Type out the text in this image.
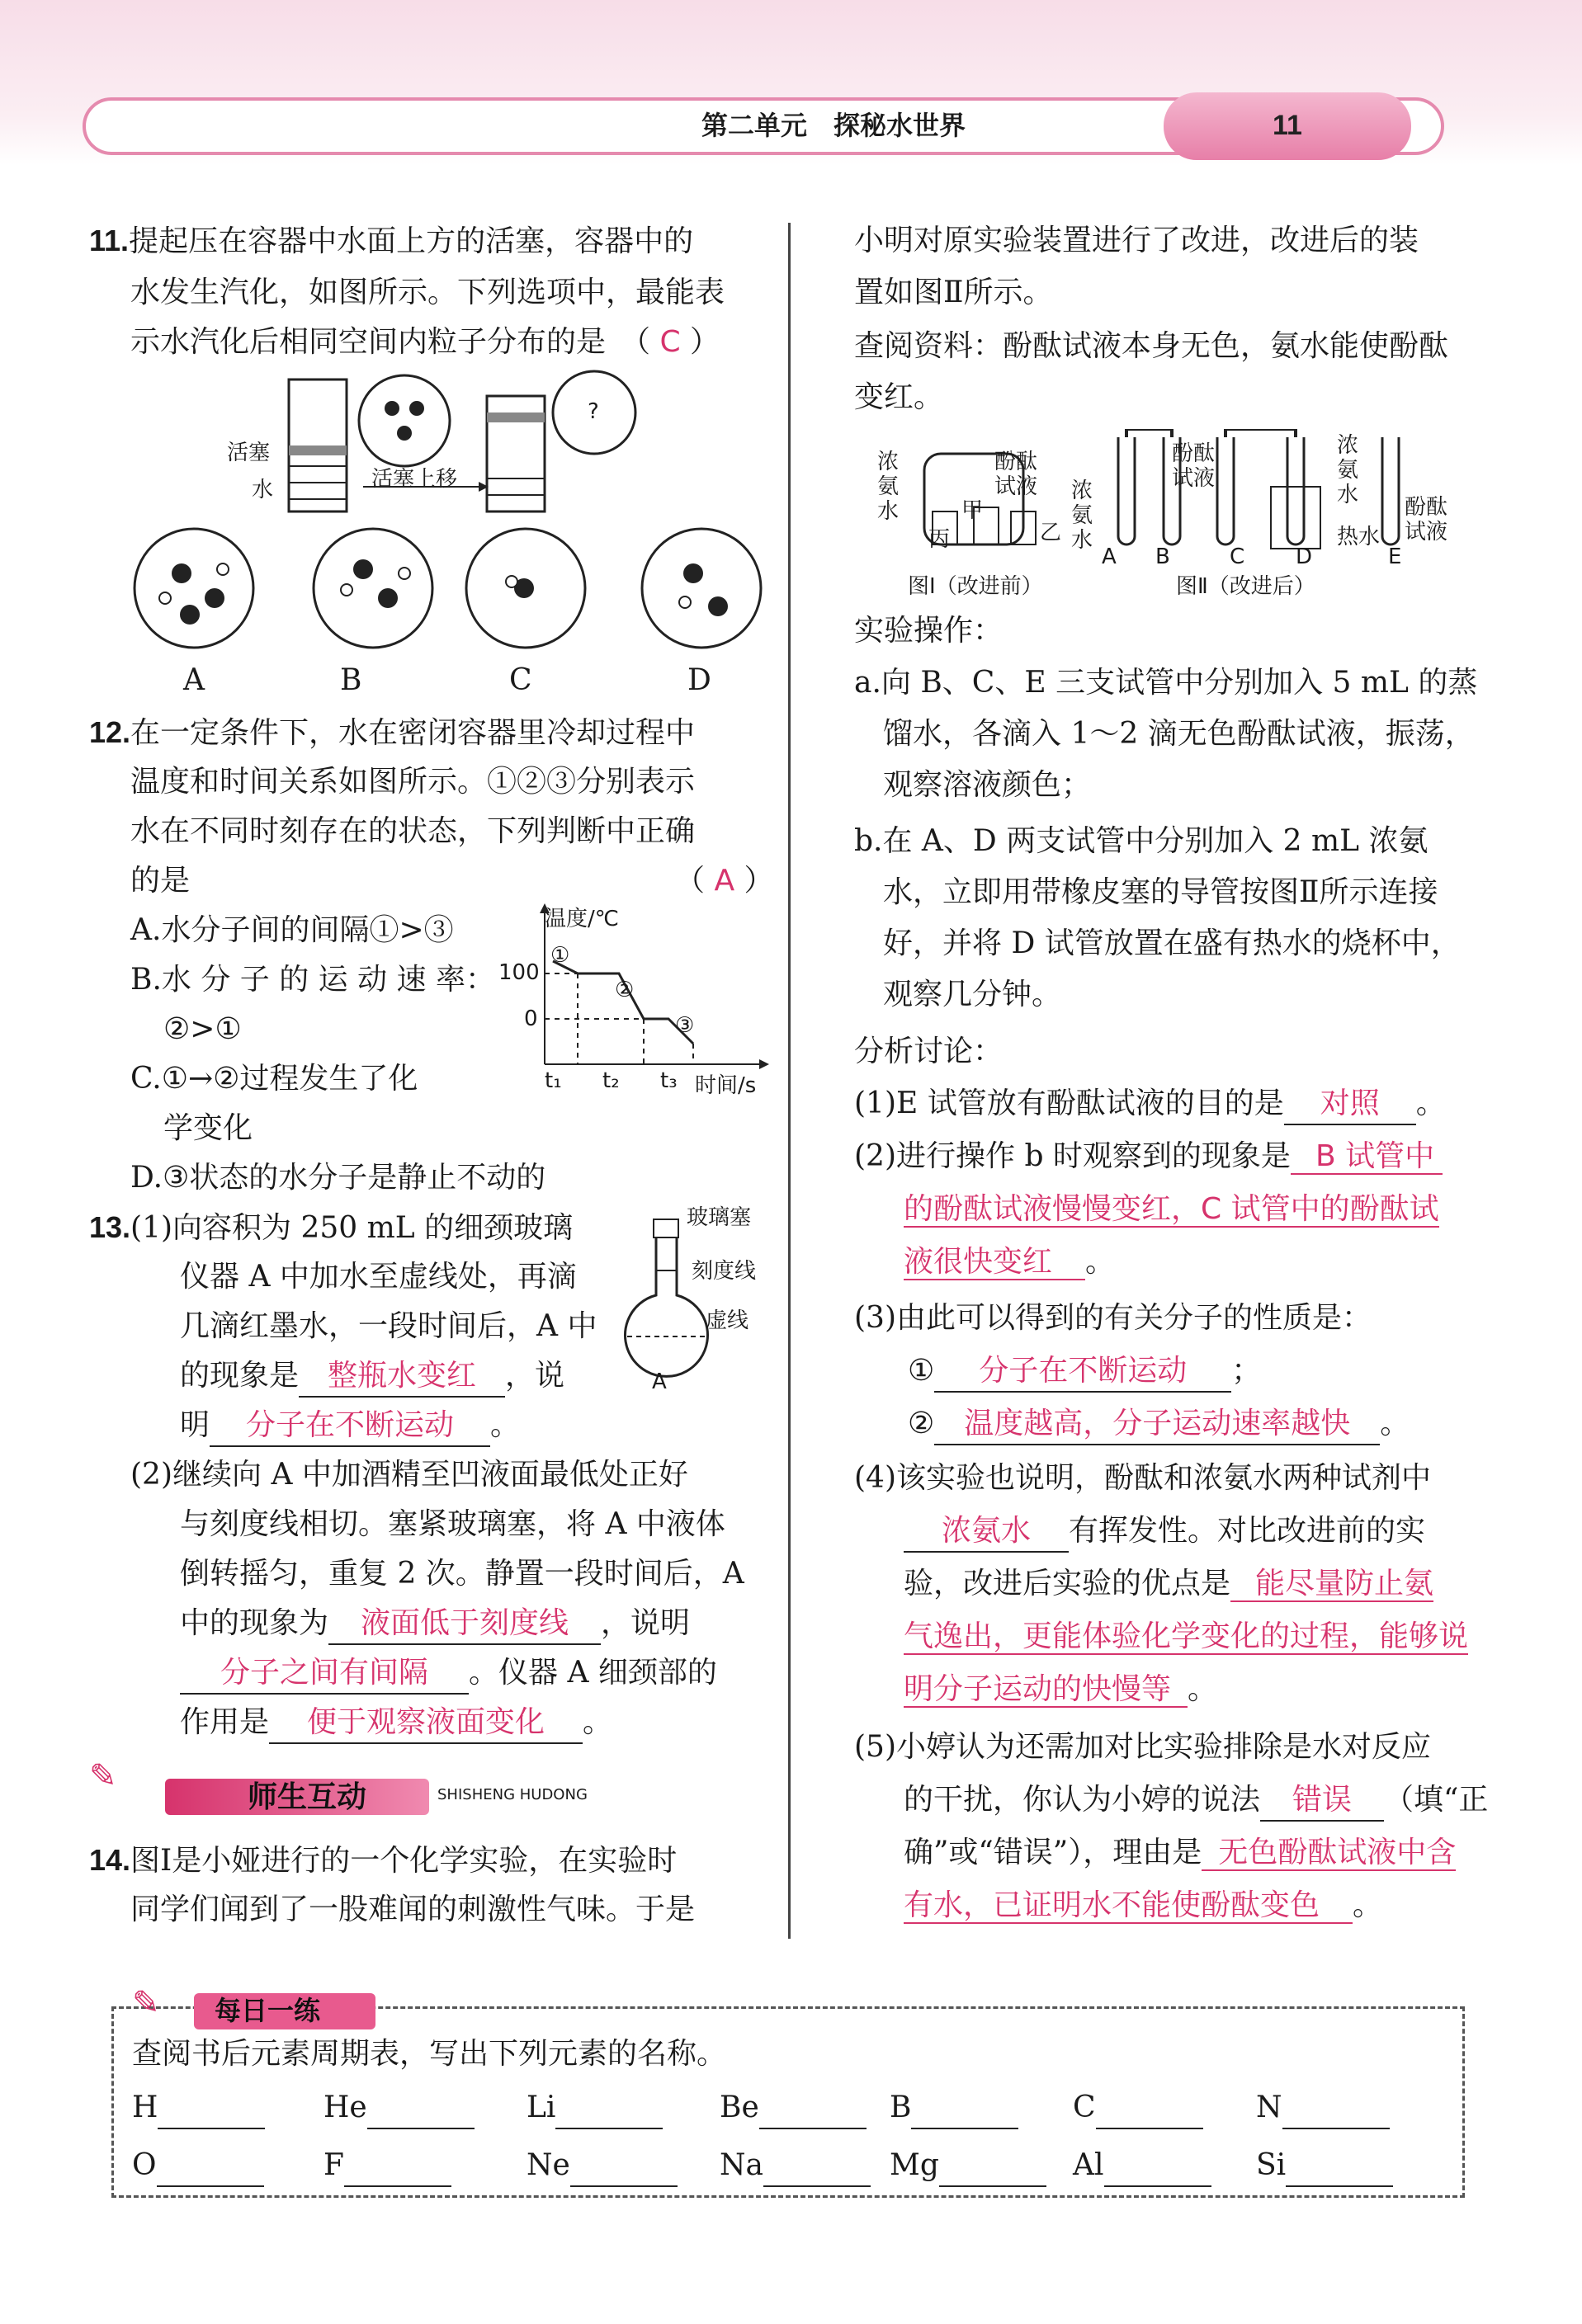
第二单元　探秘水世界	11
11.提起压在容器中水面上方的活塞，容器中的
水发生汽化，如图所示。下列选项中，最能表
示水汽化后相同空间内粒子分布的是　（ C ）
活塞
水	活塞上移
?
A	B	C	D
12.在一定条件下，水在密闭容器里冷却过程中
温度和时间关系如图所示。①②③分别表示
水在不同时刻存在的状态，下列判断中正确
的是	（ A ）
A.水分子间的间隔①>③
B.水 分 子 的 运 动 速 率：
②>①
C.①→②过程发生了化
学变化
D.③状态的水分子是静止不动的
温度/℃
100
0
①
②
③
t₁ t₂ t₃ 时间/s
13.(1)向容积为 250 mL 的细颈玻璃
仪器 A 中加水至虚线处，再滴
几滴红墨水，一段时间后，A 中
的现象是 整瓶水变红 ，说
明 分子在不断运动 。
(2)继续向 A 中加酒精至凹液面最低处正好
与刻度线相切。塞紧玻璃塞，将 A 中液体
倒转摇匀，重复 2 次。静置一段时间后，A
中的现象为 液面低于刻度线 ，说明
分子之间有间隔 。仪器 A 细颈部的
作用是 便于观察液面变化 。
玻璃塞
刻度线
虚线
A
✎
师生互动	SHISHENG HUDONG
14.图Ⅰ是小娅进行的一个化学实验，在实验时
同学们闻到了一股难闻的刺激性气味。于是
小明对原实验装置进行了改进，改进后的装
置如图Ⅱ所示。
查阅资料：酚酞试液本身无色，氨水能使酚酞
变红。
浓氨水
酚酞试液
甲
乙
丙
浓氨水
酚酞试液
浓氨水
热水
酚酞试液
A B	C D	E
图Ⅰ（改进前）	图Ⅱ（改进后）
实验操作：
a.向 B、C、E 三支试管中分别加入 5 mL 的蒸
馏水，各滴入 1～2 滴无色酚酞试液，振荡，
观察溶液颜色；
b.在 A、D 两支试管中分别加入 2 mL 浓氨
水，立即用带橡皮塞的导管按图Ⅱ所示连接
好，并将 D 试管放置在盛有热水的烧杯中，
观察几分钟。
分析讨论：
(1)E 试管放有酚酞试液的目的是 对照 。
(2)进行操作 b 时观察到的现象是 B 试管中
的酚酞试液慢慢变红，C 试管中的酚酞试
液很快变红 。
(3)由此可以得到的有关分子的性质是：
① 分子在不断运动 ；
② 温度越高，分子运动速率越快 。
(4)该实验也说明，酚酞和浓氨水两种试剂中
浓氨水 有挥发性。对比改进前的实
验，改进后实验的优点是 能尽量防止氨
气逸出，更能体验化学变化的过程，能够说
明分子运动的快慢等 。
(5)小婷认为还需加对比实验排除是水对反应
的干扰，你认为小婷的说法 错误 （填“正
确”或“错误”），理由是 无色酚酞试液中含
有水，已证明水不能使酚酞变色 。
✎ 每日一练
查阅书后元素周期表，写出下列元素的名称。
H	He	Li	Be	B	C	N
O	F	Ne	Na	Mg	Al	Si
